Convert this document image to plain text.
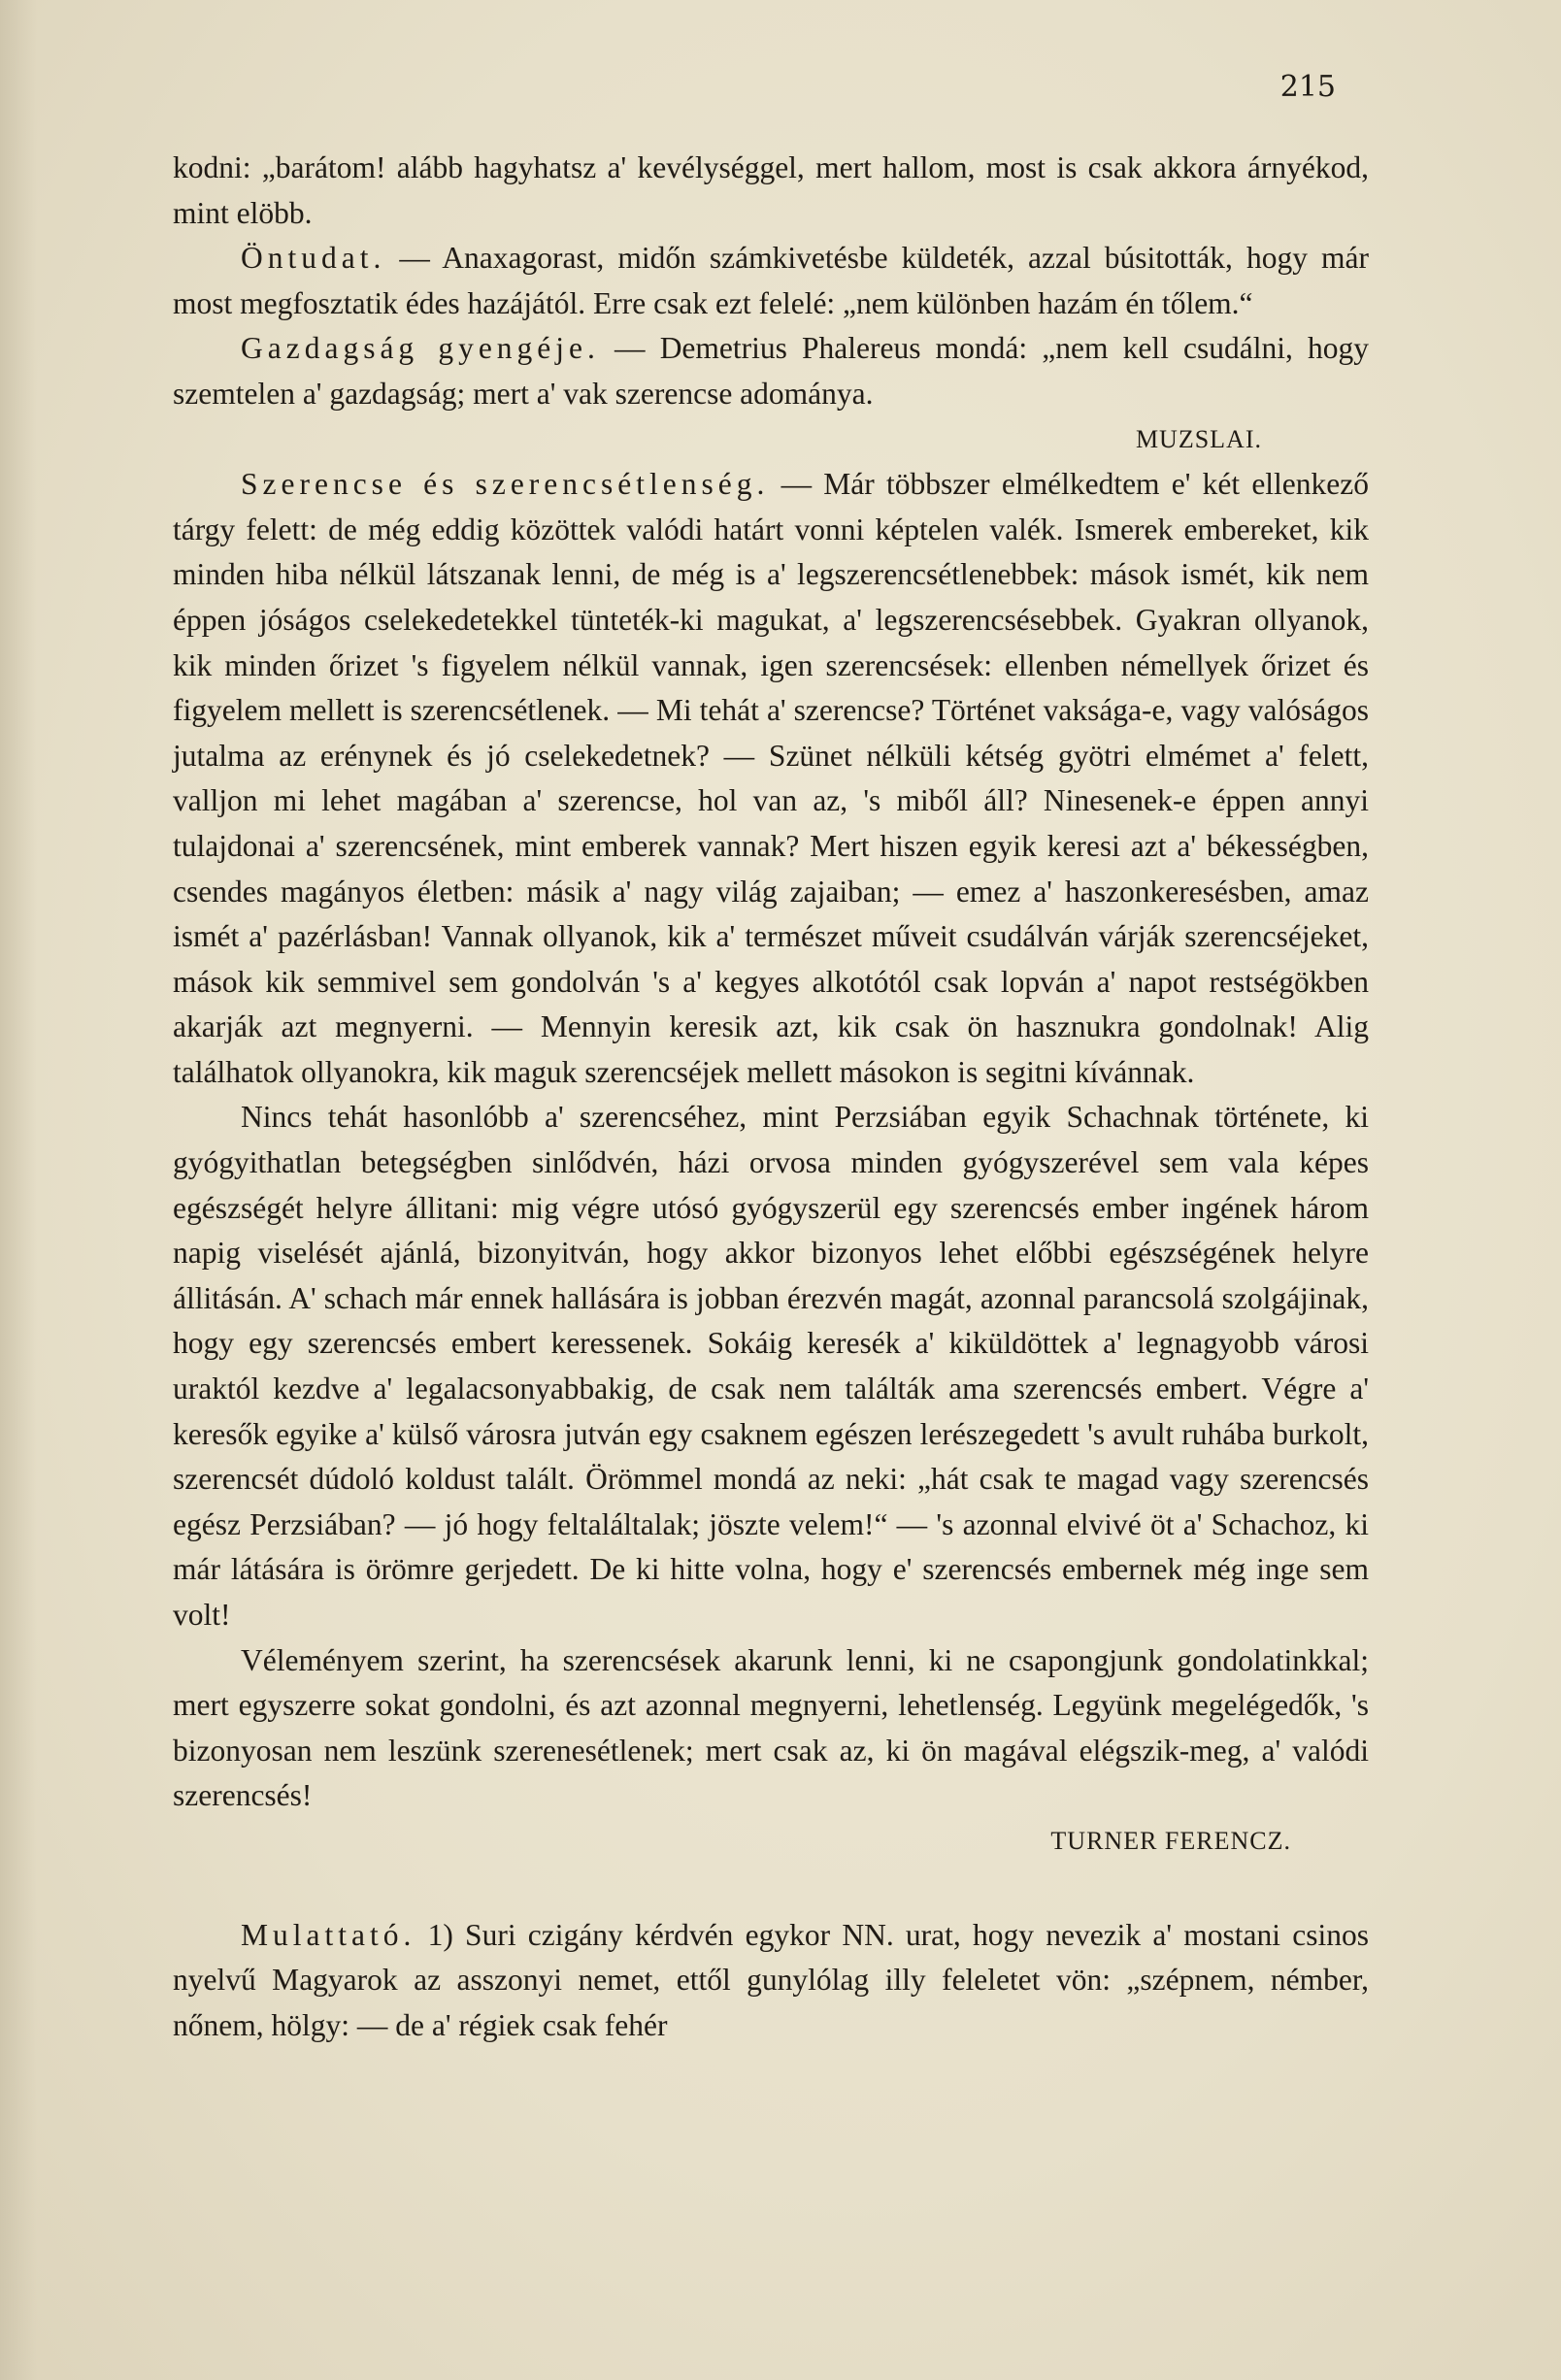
215

kodni: „barátom! alább hagyhatsz a' kevélységgel, mert hallom, most is csak akkora árnyékod, mint elöbb.

Öntudat. — Anaxagorast, midőn számkivetésbe küldeték, azzal búsitották, hogy már most megfosztatik édes hazájától. Erre csak ezt felelé: „nem különben hazám én tőlem.“

Gazdagság gyengéje. — Demetrius Phalereus mondá: „nem kell csudálni, hogy szemtelen a' gazdagság; mert a' vak szerencse adománya.

MUZSLAI.

Szerencse és szerencsétlenség. — Már többszer elmélkedtem e' két ellenkező tárgy felett: de még eddig közöttek valódi határt vonni képtelen valék. Ismerek embereket, kik minden hiba nélkül látszanak lenni, de még is a' legszerencsétlenebbek: mások ismét, kik nem éppen jóságos cselekedetekkel tünteték-ki magukat, a' legszerencsésebbek. Gyakran ollyanok, kik minden őrizet 's figyelem nélkül vannak, igen szerencsések: ellenben némellyek őrizet és figyelem mellett is szerencsétlenek. — Mi tehát a' szerencse? Történet vaksága-e, vagy valóságos jutalma az erénynek és jó cselekedetnek? — Szünet nélküli kétség gyötri elmémet a' felett, valljon mi lehet magában a' szerencse, hol van az, 's miből áll? Ninesenek-e éppen annyi tulajdonai a' szerencsének, mint emberek vannak? Mert hiszen egyik keresi azt a' békességben, csendes magányos életben: másik a' nagy világ zajaiban; — emez a' haszonkeresésben, amaz ismét a' pazérlásban! Vannak ollyanok, kik a' természet művеit csudálván várják szerencséjeket, mások kik semmivel sem gondolván 's a' kegyes alkotótól csak lopván a' napot restségökben akarják azt megnyerni. — Mennyin keresik azt, kik csak ön hasznukra gondolnak! Alig találhatok ollyanokra, kik maguk szerencséjek mellett másokon is segitni kívánnak.

Nincs tehát hasonlóbb a' szerencséhez, mint Perzsiában egyik Schachnak története, ki gyógyithatlan betegségben sinlődvén, házi orvosa minden gyógyszerével sem vala képes egészségét helyre állitani: mig végre utósó gyógyszerül egy szerencsés ember ingének három napig viselését ajánlá, bizonyitván, hogy akkor bizonyos lehet előbbi egészségének helyre állitásán. A' schach már ennek hallására is jobban érezvén magát, azonnal parancsolá szolgájinak, hogy egy szerencsés embert keressenek. Sokáig keresék a' kiküldöttek a' legnagyobb városi uraktól kezdve a' legalacsonyabbakig, de csak nem találták ama szerencsés embert. Végre a' keresők egyike a' külső városra jutván egy csaknem egészen lerészegedett 's avult ruhába burkolt, szerencsét dúdoló koldust talált. Örömmel mondá az neki: „hát csak te magad vagy szerencsés egész Perzsiában? — jó hogy feltaláltalak; jöszte velem!“ — 's azonnal elvivé öt a' Schachoz, ki már látására is örömre gerjedett. De ki hitte volna, hogy e' szerencsés embernek még inge sem volt!

Véleményem szerint, ha szerencsések akarunk lenni, ki ne csapongjunk gondolatinkkal; mert egyszerre sokat gondolni, és azt azonnal megnyerni, lehetlenség. Legyünk megelégedők, 's bizonyosan nem leszünk szerenesétlenek; mert csak az, ki ön magával elégszik-meg, a' valódi szerencsés!

TURNER FERENCZ.

Mulattató. 1) Suri czigány kérdvén egykor NN. urat, hogy nevezik a' mostani csinos nyelvű Magyarok az asszonyi nemet, ettől gunylólag illy feleletet vön: „szépnem, némber, nőnem, hölgy: — de a' régiek csak fehér
